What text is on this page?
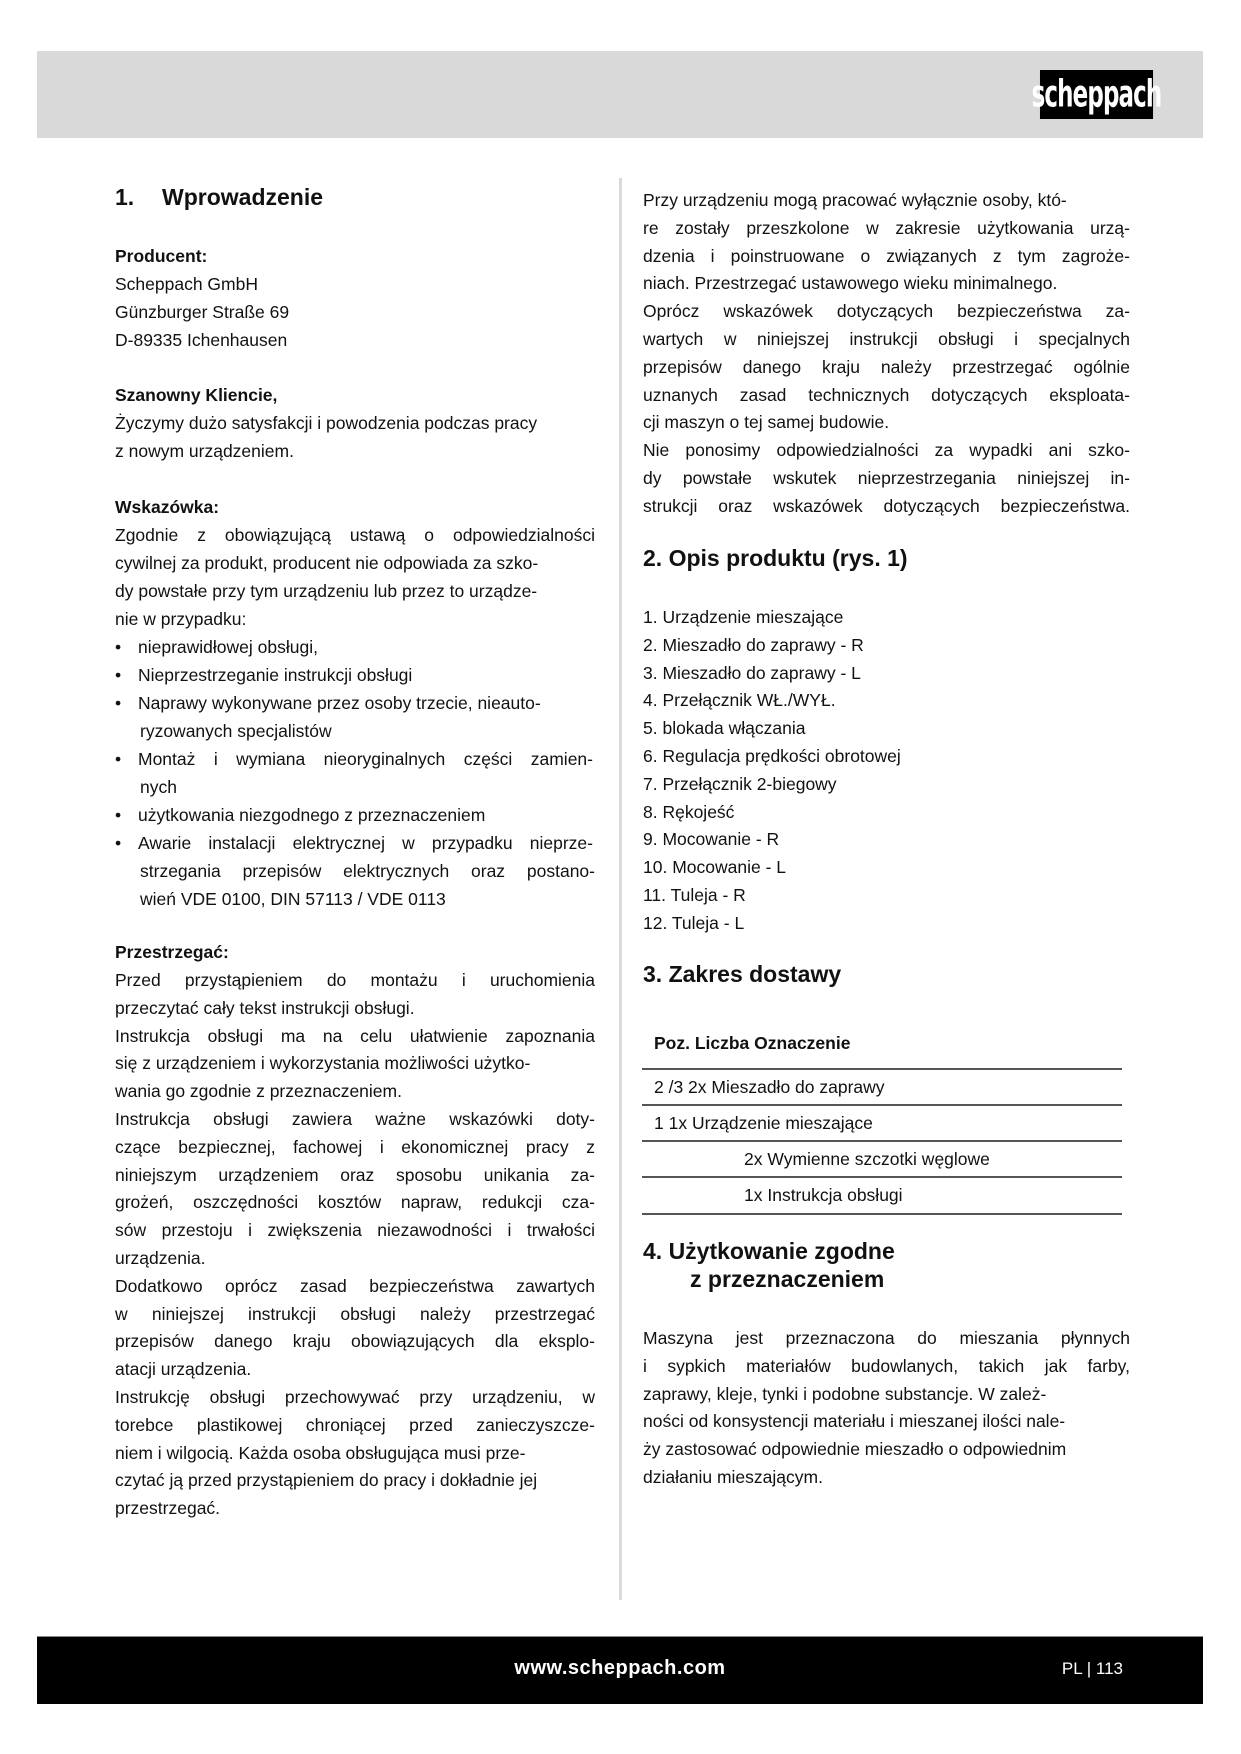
scheppach
1. Wprowadzenie
Producent:
Scheppach GmbH
Günzburger Straße 69
D-89335 Ichenhausen
Szanowny Kliencie,
Życzymy dużo satysfakcji i powodzenia podczas pracy
z nowym urządzeniem.
Wskazówka:
Zgodnie z obowiązującą ustawą o odpowiedzialności
cywilnej za produkt, producent nie odpowiada za szko-
dy powstałe przy tym urządzeniu lub przez to urządze-
nie w przypadku:
• nieprawidłowej obsługi,
• Nieprzestrzeganie instrukcji obsługi
• Naprawy wykonywane przez osoby trzecie, nieauto-
ryzowanych specjalistów
• Montaż i wymiana nieoryginalnych części zamien-
nych
• użytkowania niezgodnego z przeznaczeniem
• Awarie instalacji elektrycznej w przypadku nieprze-
strzegania przepisów elektrycznych oraz postano-
wień VDE 0100, DIN 57113 / VDE 0113
Przestrzegać:
Przed przystąpieniem do montażu i uruchomienia
przeczytać cały tekst instrukcji obsługi.
Instrukcja obsługi ma na celu ułatwienie zapoznania
się z urządzeniem i wykorzystania możliwości użytko-
wania go zgodnie z przeznaczeniem.
Instrukcja obsługi zawiera ważne wskazówki doty-
czące bezpiecznej, fachowej i ekonomicznej pracy z
niniejszym urządzeniem oraz sposobu unikania za-
grożeń, oszczędności kosztów napraw, redukcji cza-
sów przestoju i zwiększenia niezawodności i trwałości
urządzenia.
Dodatkowo oprócz zasad bezpieczeństwa zawartych
w niniejszej instrukcji obsługi należy przestrzegać
przepisów danego kraju obowiązujących dla eksplo-
atacji urządzenia.
Instrukcję obsługi przechowywać przy urządzeniu, w
torebce plastikowej chroniącej przed zanieczyszcze-
niem i wilgocią. Każda osoba obsługująca musi prze-
czytać ją przed przystąpieniem do pracy i dokładnie jej
przestrzegać.
Przy urządzeniu mogą pracować wyłącznie osoby, któ-
re zostały przeszkolone w zakresie użytkowania urzą-
dzenia i poinstruowane o związanych z tym zagroże-
niach. Przestrzegać ustawowego wieku minimalnego.
Oprócz wskazówek dotyczących bezpieczeństwa za-
wartych w niniejszej instrukcji obsługi i specjalnych
przepisów danego kraju należy przestrzegać ogólnie
uznanych zasad technicznych dotyczących eksploata-
cji maszyn o tej samej budowie.
Nie ponosimy odpowiedzialności za wypadki ani szko-
dy powstałe wskutek nieprzestrzegania niniejszej in-
strukcji oraz wskazówek dotyczących bezpieczeństwa.
2. Opis produktu (rys. 1)
1. Urządzenie mieszające
2. Mieszadło do zaprawy - R
3. Mieszadło do zaprawy - L
4. Przełącznik WŁ./WYŁ.
5. blokada włączania
6. Regulacja prędkości obrotowej
7. Przełącznik 2-biegowy
8. Rękojeść
9. Mocowanie - R
10. Mocowanie - L
11. Tuleja - R
12. Tuleja - L
3. Zakres dostawy
Poz. Liczba Oznaczenie
2 /3 2x Mieszadło do zaprawy
1 1x Urządzenie mieszające
2x Wymienne szczotki węglowe
1x Instrukcja obsługi
4. Użytkowanie zgodne
z przeznaczeniem
Maszyna jest przeznaczona do mieszania płynnych
i sypkich materiałów budowlanych, takich jak farby,
zaprawy, kleje, tynki i podobne substancje. W zależ-
ności od konsystencji materiału i mieszanej ilości nale-
ży zastosować odpowiednie mieszadło o odpowiednim
działaniu mieszającym.
www.scheppach.com	PL | 113
